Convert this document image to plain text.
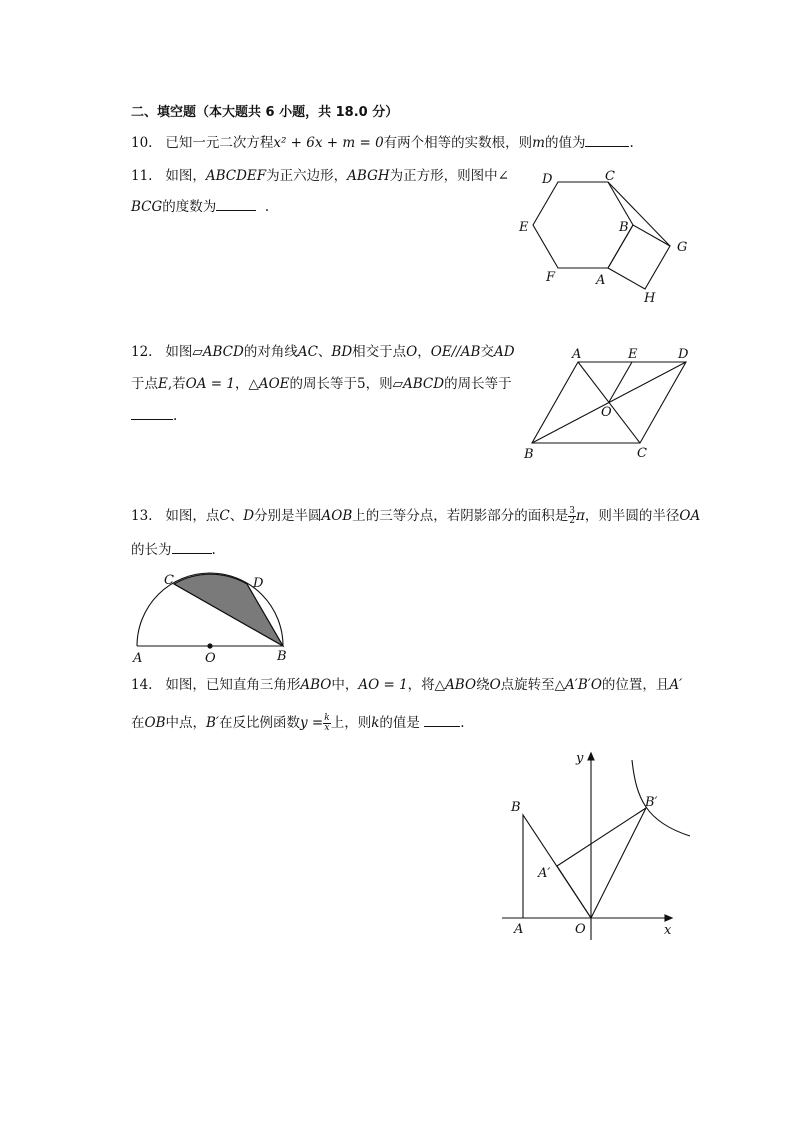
二、填空题（本大题共 6 小题，共 18.0 分）
10. 已知一元二次方程x² + 6x + m = 0有两个相等的实数根，则m的值为	.
11. 如图，ABCDEF为正六边形，ABGH为正方形，则图中∠
BCG的度数为	.
D	C
E	B
G
F	A
H
12. 如图▱ABCD的对角线AC、BD相交于点O，OE//AB交AD
于点E,若OA = 1，△AOE的周长等于5，则▱ABCD的周长等于
.
A	E	D
O
B	C
13. 如图，点C、D分别是半圆AOB上的三等分点，若阴影部分的面积是 $\frac{3}{2}$ π，则半圆的半径OA
的长为	.
C	D
A	O	B
14. 如图，已知直角三角形ABO中，AO = 1，将△ABO绕O点旋转至△A′B′O的位置，且A′
在OB中点，B′在反比例函数$y = \frac{k}{x}$ 上，则k的值是	.
y
B	B′
A′
A	O	x
